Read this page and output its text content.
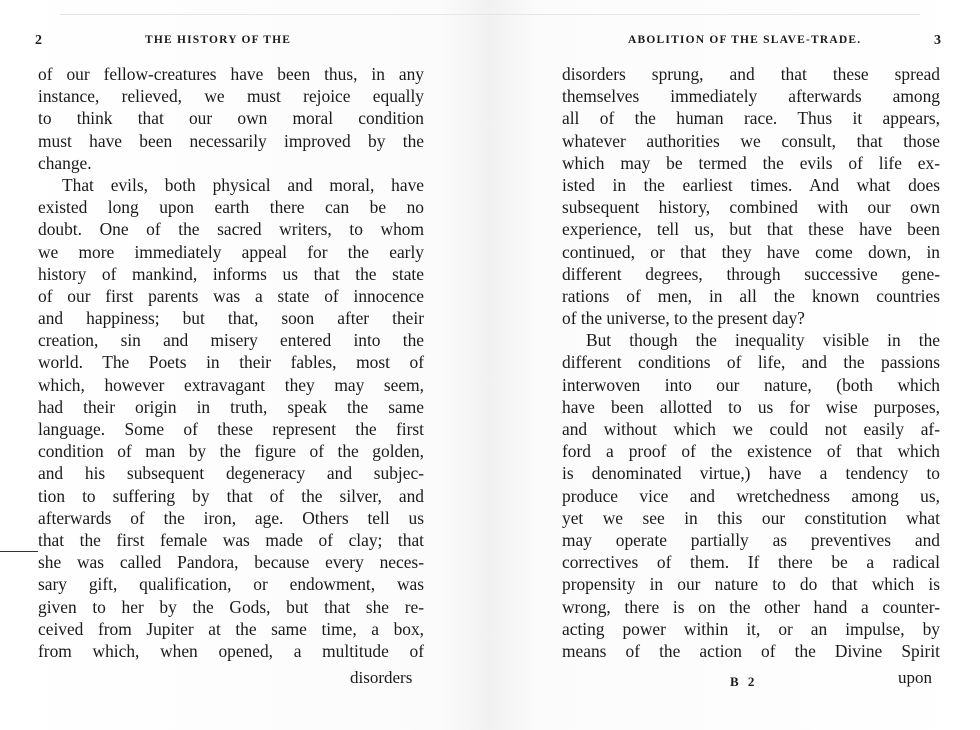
2	THE HISTORY OF THE
of our fellow-creatures have been thus, in any
instance, relieved, we must rejoice equally
to think that our own moral condition
must have been necessarily improved by the
change.
That evils, both physical and moral, have
existed long upon earth there can be no
doubt. One of the sacred writers, to whom
we more immediately appeal for the early
history of mankind, informs us that the state
of our first parents was a state of innocence
and happiness; but that, soon after their
creation, sin and misery entered into the
world. The Poets in their fables, most of
which, however extravagant they may seem,
had their origin in truth, speak the same
language. Some of these represent the first
condition of man by the figure of the golden,
and his subsequent degeneracy and subjec-
tion to suffering by that of the silver, and
afterwards of the iron, age. Others tell us
that the first female was made of clay; that
she was called Pandora, because every neces-
sary gift, qualification, or endowment, was
given to her by the Gods, but that she re-
ceived from Jupiter at the same time, a box,
from which, when opened, a multitude of
disorders
ABOLITION OF THE SLAVE-TRADE.	3
disorders sprung, and that these spread
themselves immediately afterwards among
all of the human race. Thus it appears,
whatever authorities we consult, that those
which may be termed the evils of life ex-
isted in the earliest times. And what does
subsequent history, combined with our own
experience, tell us, but that these have been
continued, or that they have come down, in
different degrees, through successive gene-
rations of men, in all the known countries
of the universe, to the present day?
But though the inequality visible in the
different conditions of life, and the passions
interwoven into our nature, (both which
have been allotted to us for wise purposes,
and without which we could not easily af-
ford a proof of the existence of that which
is denominated virtue,) have a tendency to
produce vice and wretchedness among us,
yet we see in this our constitution what
may operate partially as preventives and
correctives of them. If there be a radical
propensity in our nature to do that which is
wrong, there is on the other hand a counter-
acting power within it, or an impulse, by
means of the action of the Divine Spirit
B 2	upon
